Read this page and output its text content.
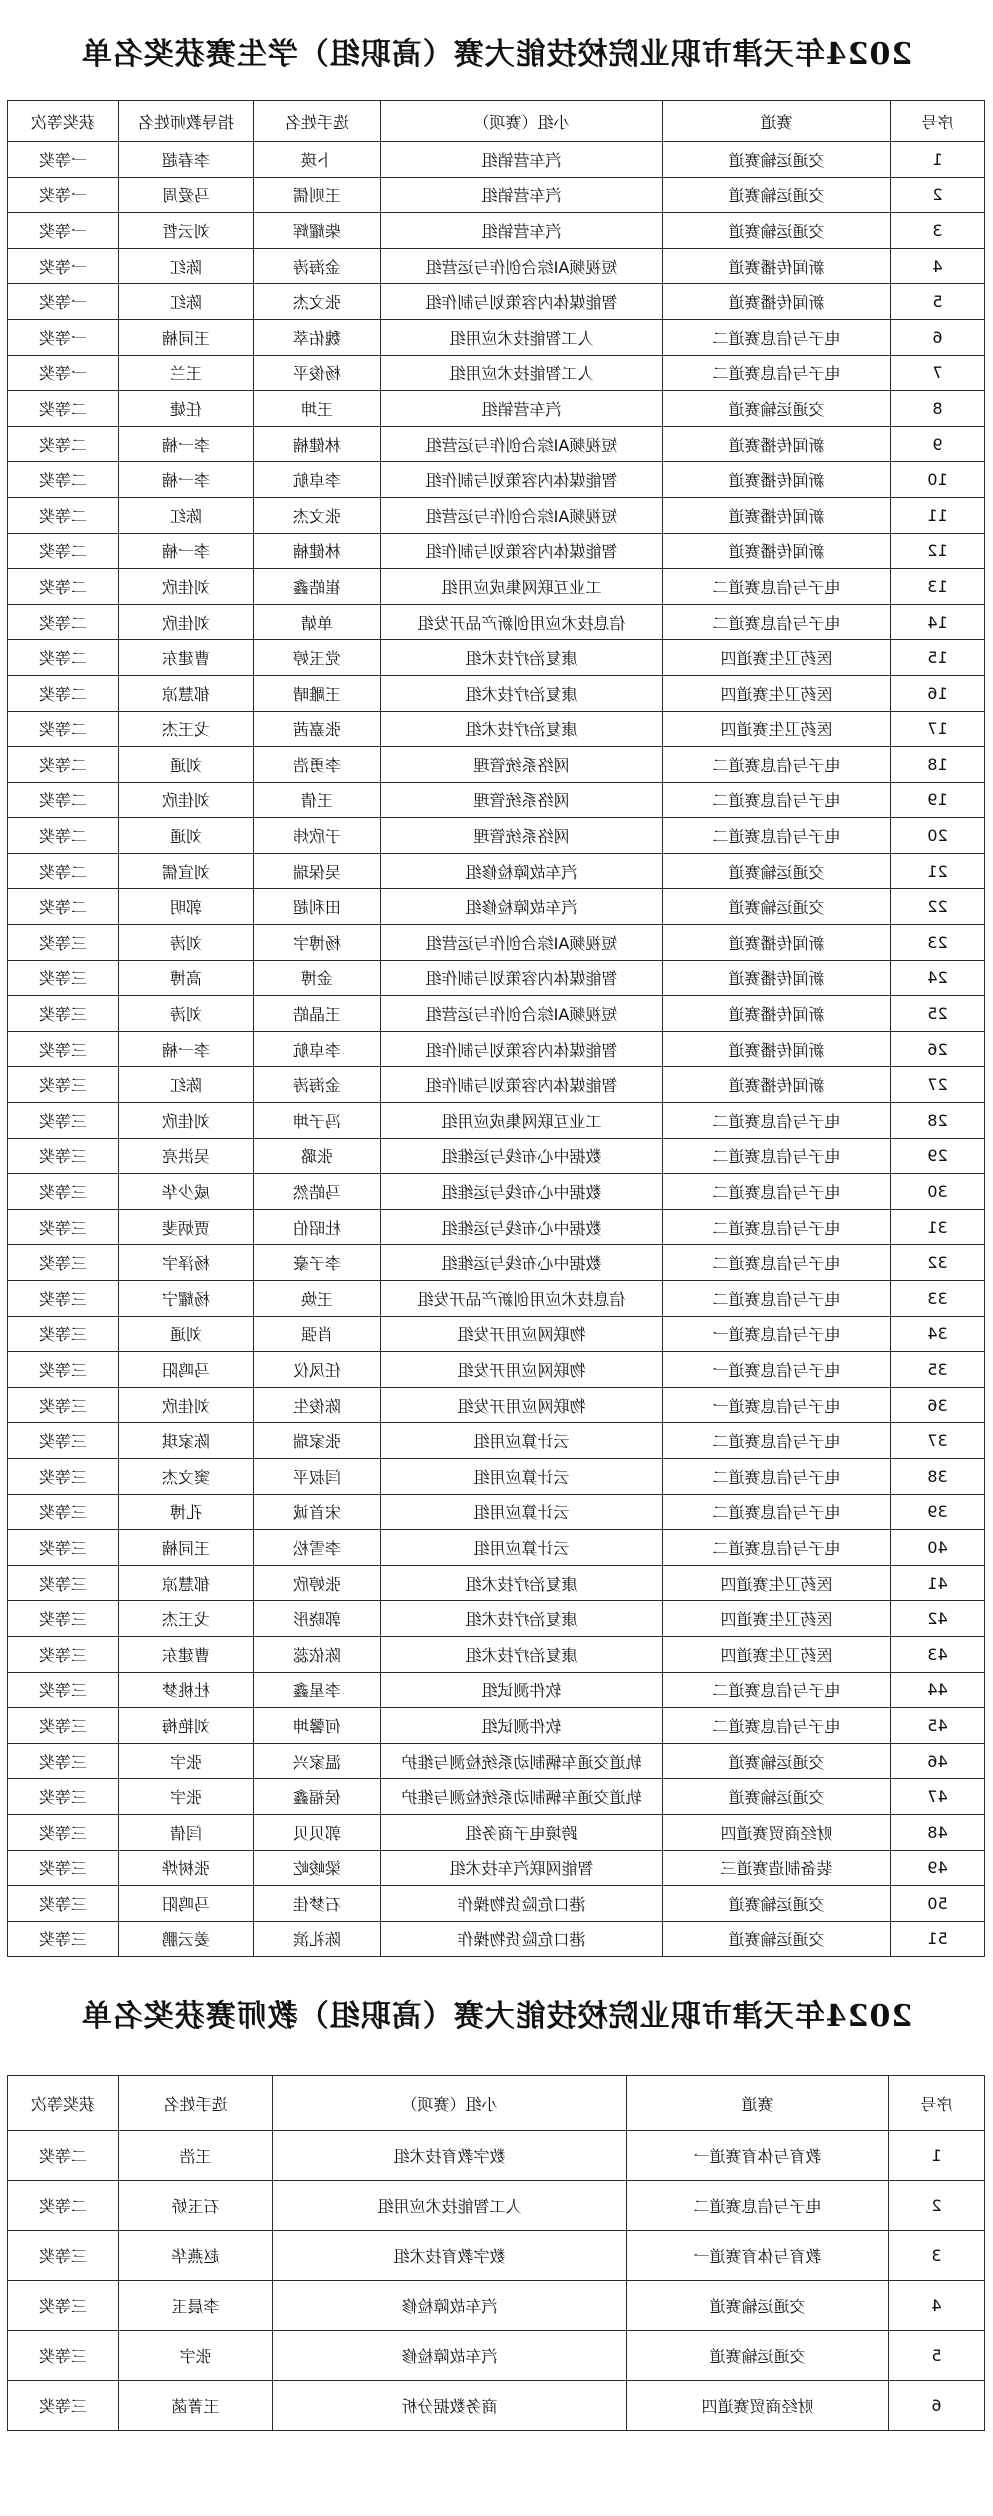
2024年天津市职业院校技能大赛（高职组）学生赛获奖名单
序号	赛道	小组（赛项）	选手姓名	指导教师姓名	获奖等次
1	交通运输赛道	汽车营销组	卜瑛	李春超	一等奖
2	交通运输赛道	汽车营销组	王则儒	马爱周	一等奖
3	交通运输赛道	汽车营销组	柴耀辉	刘云哲	一等奖
4	新闻传播赛道	短视频AI综合创作与运营组	金海涛	陈红	一等奖
5	新闻传播赛道	智能媒体内容策划与制作组	张文杰	陈红	一等奖
6	电子与信息赛道二	人工智能技术应用组	魏佑萃	王同楠	一等奖
7	电子与信息赛道二	人工智能技术应用组	杨俊平	王兰	一等奖
8	交通运输赛道	汽车营销组	王坤	任婕	二等奖
9	新闻传播赛道	短视频AI综合创作与运营组	林健楠	李一楠	二等奖
10	新闻传播赛道	智能媒体内容策划与制作组	李卓航	李一楠	二等奖
11	新闻传播赛道	短视频AI综合创作与运营组	张文杰	陈红	二等奖
12	新闻传播赛道	智能媒体内容策划与制作组	林健楠	李一楠	二等奖
13	电子与信息赛道二	工业互联网集成应用组	崔皓鑫	刘佳欣	二等奖
14	电子与信息赛道二	信息技术应用创新产品开发组	单婧	刘佳欣	二等奖
15	医药卫生赛道四	康复治疗技术组	党玉婷	曹建东	二等奖
16	医药卫生赛道四	康复治疗技术组	王雕晴	郁慧凉	二等奖
17	医药卫生赛道四	康复治疗技术组	张嘉茜	戈王杰	二等奖
18	电子与信息赛道二	网络系统管理	李勇浩	刘通	二等奖
19	电子与信息赛道二	网络系统管理	王倩	刘佳欣	二等奖
20	电子与信息赛道二	网络系统管理	于欣炜	刘通	二等奖
21	交通运输赛道	汽车故障检修组	吴保瑞	刘宣儒	二等奖
22	交通运输赛道	汽车故障检修组	田利超	郭明	二等奖
23	新闻传播赛道	短视频AI综合创作与运营组	杨博宇	刘涛	三等奖
24	新闻传播赛道	智能媒体内容策划与制作组	金博	高博	三等奖
25	新闻传播赛道	短视频AI综合创作与运营组	王晶皓	刘涛	三等奖
26	新闻传播赛道	智能媒体内容策划与制作组	李卓航	李一楠	三等奖
27	新闻传播赛道	智能媒体内容策划与制作组	金海涛	陈红	三等奖
28	电子与信息赛道二	工业互联网集成应用组	冯子坤	刘佳欣	三等奖
29	电子与信息赛道二	数据中心布线与运维组	张璐	吴洪亮	三等奖
30	电子与信息赛道二	数据中心布线与运维组	马皓然	威少华	三等奖
31	电子与信息赛道二	数据中心布线与运维组	杜昭伯	贾炳斐	三等奖
32	电子与信息赛道二	数据中心布线与运维组	李子豪	杨泽宇	三等奖
33	电子与信息赛道二	信息技术应用创新产品开发组	王焕	杨耀宁	三等奖
34	电子与信息赛道一	物联网应用开发组	肖强	刘通	三等奖
35	电子与信息赛道一	物联网应用开发组	任凤仪	马鸣阳	三等奖
36	电子与信息赛道一	物联网应用开发组	陈俊生	刘佳欣	三等奖
37	电子与信息赛道二	云计算应用组	张家瑞	陈家琪	三等奖
38	电子与信息赛道二	云计算应用组	闫叔平	窦文杰	三等奖
39	电子与信息赛道二	云计算应用组	宋首诚	孔博	三等奖
40	电子与信息赛道二	云计算应用组	李雪松	王同楠	三等奖
41	医药卫生赛道四	康复治疗技术组	张婷欣	郁慧凉	三等奖
42	医药卫生赛道四	康复治疗技术组	郭晓彤	戈王杰	三等奖
43	医药卫生赛道四	康复治疗技术组	陈依蕊	曹建东	三等奖
44	电子与信息赛道二	软件测试组	李星鑫	杜桃梦	三等奖
45	电子与信息赛道二	软件测试组	何馨坤	刘艳梅	三等奖
46	交通运输赛道	轨道交通车辆制动系统检测与维护	温家兴	张宇	三等奖
47	交通运输赛道	轨道交通车辆制动系统检测与维护	侯福鑫	张宇	三等奖
48	财经商贸赛道四	跨境电子商务组	郭贝贝	闫倩	三等奖
49	装备制造赛道三	智能网联汽车技术组	梁峻屹	张树烨	三等奖
50	交通运输赛道	港口危险货物操作	石梦佳	马鸣阳	三等奖
51	交通运输赛道	港口危险货物操作	陈礼滨	姜云鹏	三等奖
2024年天津市职业院校技能大赛（高职组）教师赛获奖名单
序号	赛道	小组（赛项）	选手姓名	获奖等次
1	教育与体育赛道一	数字教育技术组	王浩	二等奖
2	电子与信息赛道二	人工智能技术应用组	石玉娇	二等奖
3	教育与体育赛道一	数字教育技术组	赵燕华	三等奖
4	交通运输赛道	汽车故障检修	李晨玉	三等奖
5	交通运输赛道	汽车故障检修	张宇	三等奖
6	财经商贸赛道四	商务数据分析	王菁菡	三等奖
